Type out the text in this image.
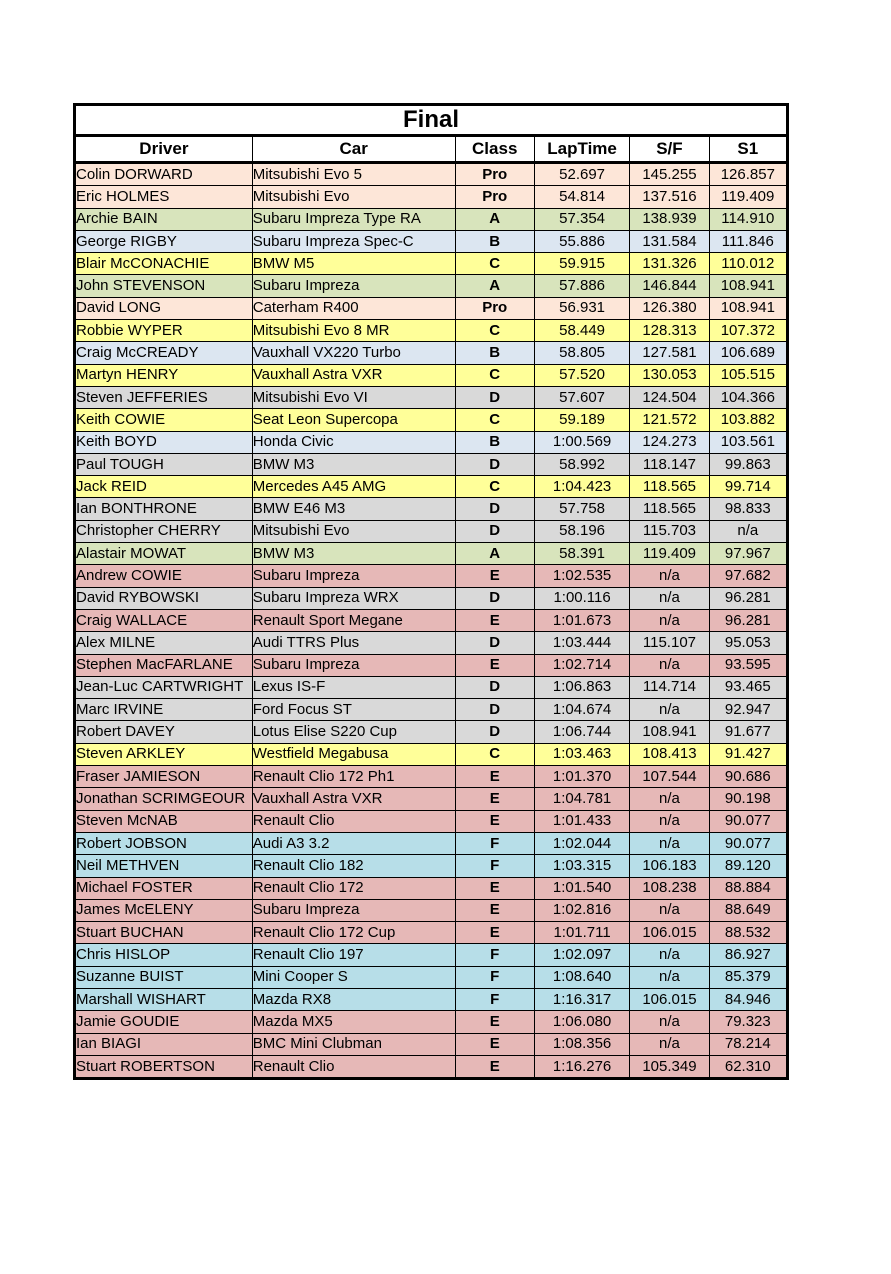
Final					
Driver	Car	Class	LapTime	S/F	S1
Colin DORWARD	Mitsubishi Evo 5	Pro	52.697	145.255	126.857
Eric HOLMES	Mitsubishi Evo	Pro	54.814	137.516	119.409
Archie BAIN	Subaru Impreza Type RA	A	57.354	138.939	114.910
George RIGBY	Subaru Impreza Spec-C	B	55.886	131.584	111.846
Blair McCONACHIE	BMW M5	C	59.915	131.326	110.012
John STEVENSON	Subaru Impreza	A	57.886	146.844	108.941
David LONG	Caterham R400	Pro	56.931	126.380	108.941
Robbie WYPER	Mitsubishi Evo 8 MR	C	58.449	128.313	107.372
Craig McCREADY	Vauxhall VX220 Turbo	B	58.805	127.581	106.689
Martyn HENRY	Vauxhall Astra VXR	C	57.520	130.053	105.515
Steven JEFFERIES	Mitsubishi Evo VI	D	57.607	124.504	104.366
Keith COWIE	Seat Leon Supercopa	C	59.189	121.572	103.882
Keith BOYD	Honda Civic	B	1:00.569	124.273	103.561
Paul TOUGH	BMW M3	D	58.992	118.147	99.863
Jack REID	Mercedes A45 AMG	C	1:04.423	118.565	99.714
Ian BONTHRONE	BMW E46 M3	D	57.758	118.565	98.833
Christopher CHERRY	Mitsubishi Evo	D	58.196	115.703	n/a
Alastair MOWAT	BMW M3	A	58.391	119.409	97.967
Andrew COWIE	Subaru Impreza	E	1:02.535	n/a	97.682
David RYBOWSKI	Subaru Impreza WRX	D	1:00.116	n/a	96.281
Craig WALLACE	Renault Sport Megane	E	1:01.673	n/a	96.281
Alex MILNE	Audi TTRS Plus	D	1:03.444	115.107	95.053
Stephen MacFARLANE	Subaru Impreza	E	1:02.714	n/a	93.595
Jean-Luc CARTWRIGHT	Lexus IS-F	D	1:06.863	114.714	93.465
Marc IRVINE	Ford Focus ST	D	1:04.674	n/a	92.947
Robert DAVEY	Lotus Elise S220 Cup	D	1:06.744	108.941	91.677
Steven ARKLEY	Westfield Megabusa	C	1:03.463	108.413	91.427
Fraser JAMIESON	Renault Clio 172 Ph1	E	1:01.370	107.544	90.686
Jonathan SCRIMGEOUR	Vauxhall Astra VXR	E	1:04.781	n/a	90.198
Steven McNAB	Renault Clio	E	1:01.433	n/a	90.077
Robert JOBSON	Audi A3 3.2	F	1:02.044	n/a	90.077
Neil METHVEN	Renault Clio 182	F	1:03.315	106.183	89.120
Michael FOSTER	Renault Clio 172	E	1:01.540	108.238	88.884
James McELENY	Subaru Impreza	E	1:02.816	n/a	88.649
Stuart BUCHAN	Renault Clio 172 Cup	E	1:01.711	106.015	88.532
Chris HISLOP	Renault Clio 197	F	1:02.097	n/a	86.927
Suzanne BUIST	Mini Cooper S	F	1:08.640	n/a	85.379
Marshall WISHART	Mazda RX8	F	1:16.317	106.015	84.946
Jamie GOUDIE	Mazda MX5	E	1:06.080	n/a	79.323
Ian BIAGI	BMC Mini Clubman	E	1:08.356	n/a	78.214
Stuart ROBERTSON	Renault Clio	E	1:16.276	105.349	62.310
